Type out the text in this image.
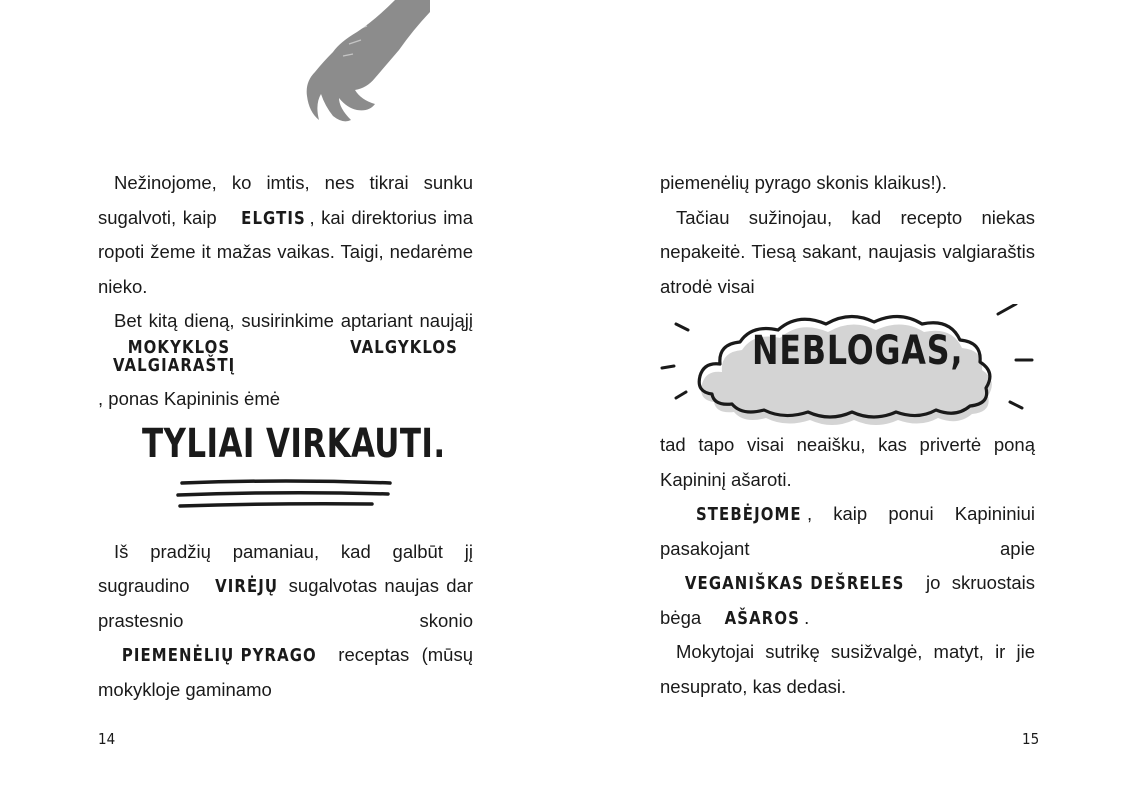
Nežinojome, ko imtis, nes tikrai sunku sugalvoti, kaip ELGTIS , kai direktorius ima ropoti žeme it mažas vaikas. Taigi, nedarėme nieko.

Bet kitą dieną, susirinkime aptariant naująjį MOKYKLOS VALGYKLOS VALGIARAŠTĮ, ponas Kapininis ėmė

TYLIAI VIRKAUTI.

Iš pradžių pamaniau, kad galbūt jį sugraudino VIRĖJŲ sugalvotas naujas dar prastesnio skonio PIEMENĖLIŲ PYRAGO receptas (mūsų mokykloje gaminamo

piemenėlių pyrago skonis klaikus!).

Tačiau sužinojau, kad recepto niekas nepakeitė. Tiesą sakant, naujasis valgiaraštis atrodė visai

NEBLOGAS,

tad tapo visai neaišku, kas privertė poną Kapininį ašaroti.

STEBĖJOME , kaip ponui Kapininiui pasakojant apie VEGANIŠKAS DEŠRELES jo skruostais bėga AŠAROS .

Mokytojai sutrikę susižvalgė, matyt, ir jie nesuprato, kas dedasi.

14	15
